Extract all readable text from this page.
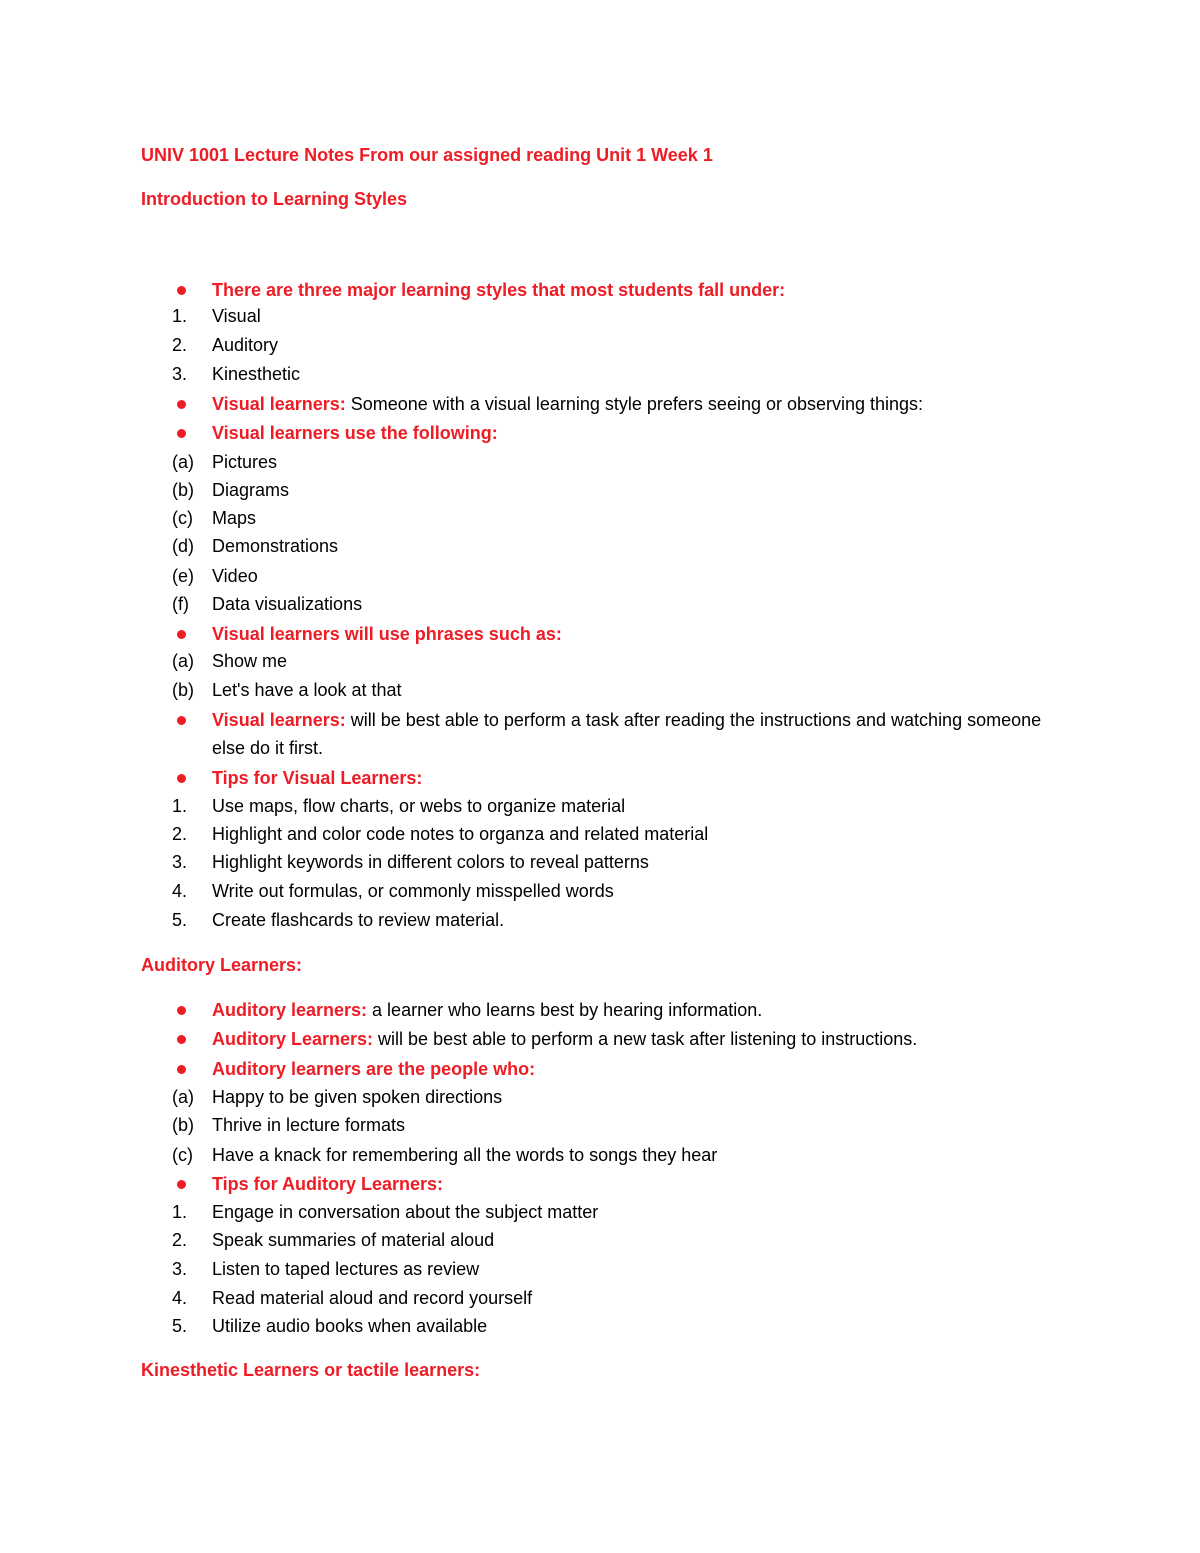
UNIV 1001 Lecture Notes From our assigned reading Unit 1 Week 1
Introduction to Learning Styles
There are three major learning styles that most students fall under:
1.	Visual
2.	Auditory
3.	Kinesthetic
Visual learners: Someone with a visual learning style prefers seeing or observing things:
Visual learners use the following:
(a)	Pictures
(b)	Diagrams
(c)	Maps
(d)	Demonstrations
(e)	Video
(f)	Data visualizations
Visual learners will use phrases such as:
(a)	Show me
(b)	Let's have a look at that
Visual learners: will be best able to perform a task after reading the instructions and watching someone else do it first.
Tips for Visual Learners:
1.	Use maps, flow charts, or webs to organize material
2.	Highlight and color code notes to organza and related material
3.	Highlight keywords in different colors to reveal patterns
4.	Write out formulas, or commonly misspelled words
5.	Create flashcards to review material.
Auditory Learners:
Auditory learners: a learner who learns best by hearing information.
Auditory Learners: will be best able to perform a new task after listening to instructions.
Auditory learners are the people who:
(a)	Happy to be given spoken directions
(b)	Thrive in lecture formats
(c)	Have a knack for remembering all the words to songs they hear
Tips for Auditory Learners:
1.	Engage in conversation about the subject matter
2.	Speak summaries of material aloud
3.	Listen to taped lectures as review
4.	Read material aloud and record yourself
5.	Utilize audio books when available
Kinesthetic Learners or tactile learners:
